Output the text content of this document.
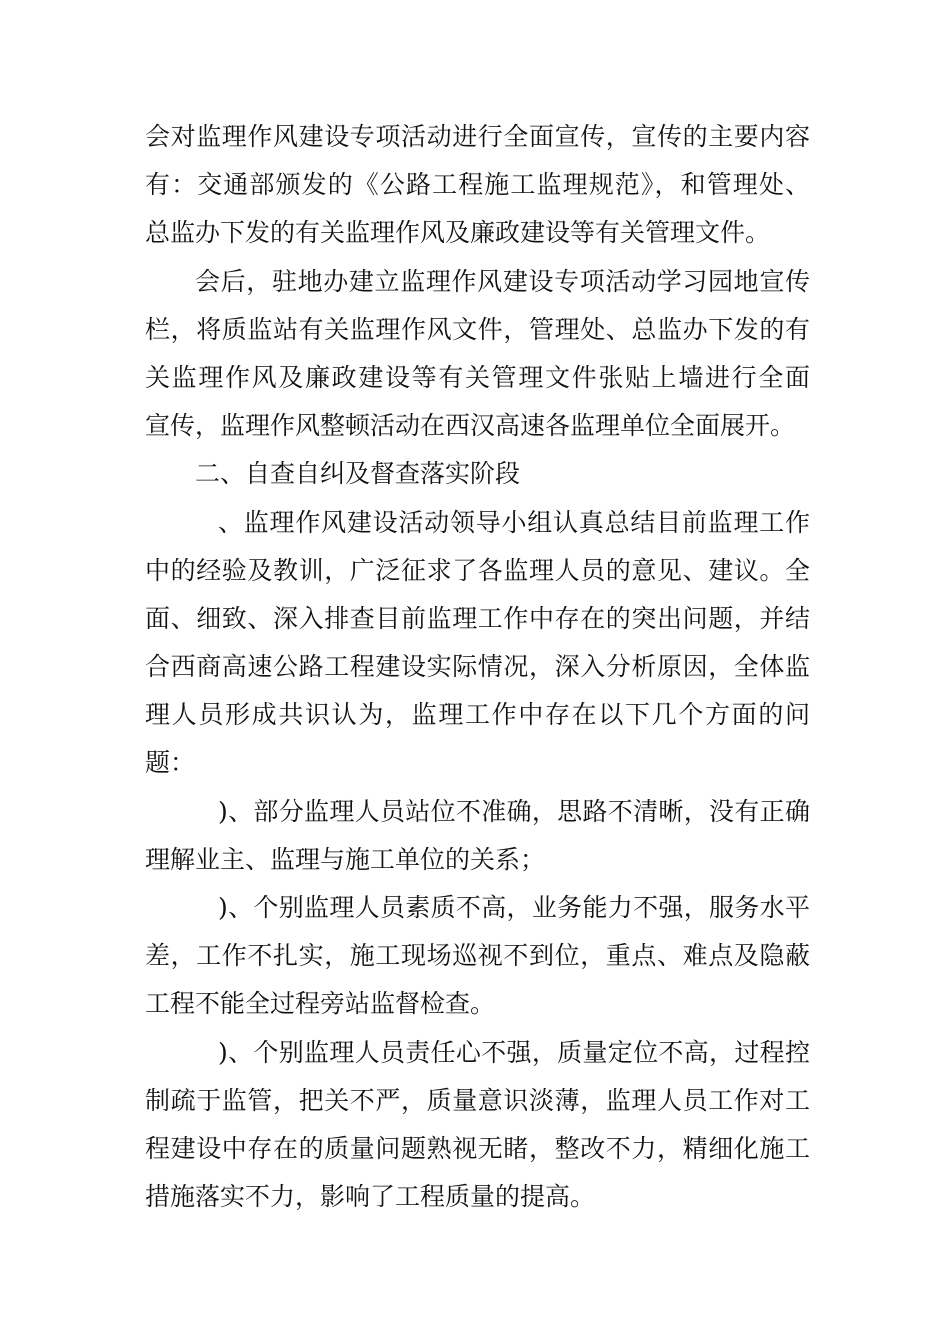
会对监理作风建设专项活动进行全面宣传，宣传的主要内容
有：交通部颁发的《公路工程施工监理规范》，和管理处、
总监办下发的有关监理作风及廉政建设等有关管理文件。
会后，驻地办建立监理作风建设专项活动学习园地宣传
栏，将质监站有关监理作风文件，管理处、总监办下发的有
关监理作风及廉政建设等有关管理文件张贴上墙进行全面
宣传，监理作风整顿活动在西汉高速各监理单位全面展开。
二、自查自纠及督查落实阶段
、监理作风建设活动领导小组认真总结目前监理工作
中的经验及教训，广泛征求了各监理人员的意见、建议。全
面、细致、深入排查目前监理工作中存在的突出问题，并结
合西商高速公路工程建设实际情况，深入分析原因，全体监
理人员形成共识认为，监理工作中存在以下几个方面的问
题：
)、部分监理人员站位不准确，思路不清晰，没有正确
理解业主、监理与施工单位的关系；
)、个别监理人员素质不高，业务能力不强，服务水平
差，工作不扎实，施工现场巡视不到位，重点、难点及隐蔽
工程不能全过程旁站监督检查。
)、个别监理人员责任心不强，质量定位不高，过程控
制疏于监管，把关不严，质量意识淡薄，监理人员工作对工
程建设中存在的质量问题熟视无睹，整改不力，精细化施工
措施落实不力，影响了工程质量的提高。
